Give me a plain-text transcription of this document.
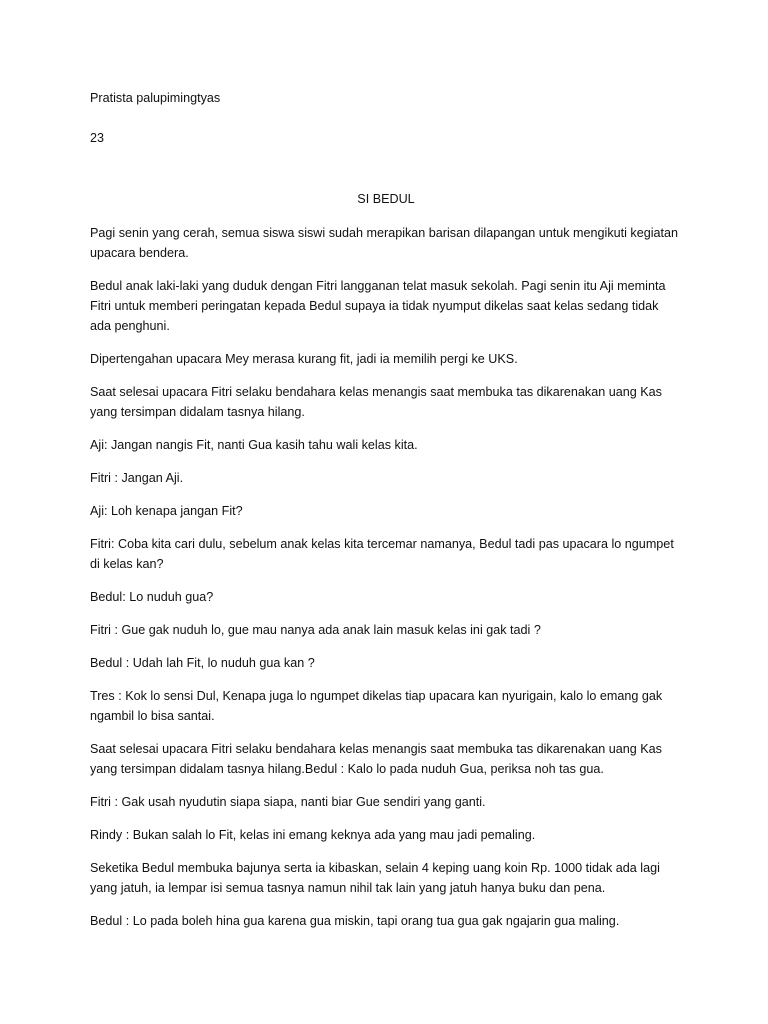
Pratista palupimingtyas

23

SI BEDUL

Pagi senin yang cerah, semua siswa siswi sudah merapikan barisan dilapangan untuk mengikuti kegiatan upacara bendera.

Bedul anak laki-laki yang duduk dengan Fitri langganan telat masuk sekolah. Pagi senin itu Aji meminta Fitri untuk memberi peringatan kepada Bedul supaya ia tidak nyumput dikelas saat kelas sedang tidak ada penghuni.

Dipertengahan upacara Mey merasa kurang fit, jadi ia memilih pergi ke UKS.

Saat selesai upacara Fitri selaku bendahara kelas menangis saat membuka tas dikarenakan uang Kas yang tersimpan didalam tasnya hilang.

Aji: Jangan nangis Fit, nanti Gua kasih tahu wali kelas kita.

Fitri : Jangan Aji.

Aji: Loh kenapa jangan Fit?

Fitri: Coba kita cari dulu, sebelum anak kelas kita tercemar namanya, Bedul tadi pas upacara lo ngumpet di kelas kan?

Bedul: Lo nuduh gua?

Fitri : Gue gak nuduh lo, gue mau nanya ada anak lain masuk kelas ini gak tadi ?

Bedul : Udah lah Fit, lo nuduh gua kan ?

Tres : Kok lo sensi Dul, Kenapa juga lo ngumpet dikelas tiap upacara kan nyurigain, kalo lo emang gak ngambil lo bisa santai.

Saat selesai upacara Fitri selaku bendahara kelas menangis saat membuka tas dikarenakan uang Kas yang tersimpan didalam tasnya hilang.Bedul : Kalo lo pada nuduh Gua, periksa noh tas gua.

Fitri : Gak usah nyudutin siapa siapa, nanti biar Gue sendiri yang ganti.

Rindy : Bukan salah lo Fit, kelas ini emang keknya ada yang mau jadi pemaling.

Seketika Bedul membuka bajunya serta ia kibaskan, selain 4 keping uang koin Rp. 1000 tidak ada lagi yang jatuh, ia lempar isi semua tasnya namun nihil tak lain yang jatuh hanya buku dan pena.

Bedul : Lo pada boleh hina gua karena gua miskin, tapi orang tua gua gak ngajarin gua maling.
